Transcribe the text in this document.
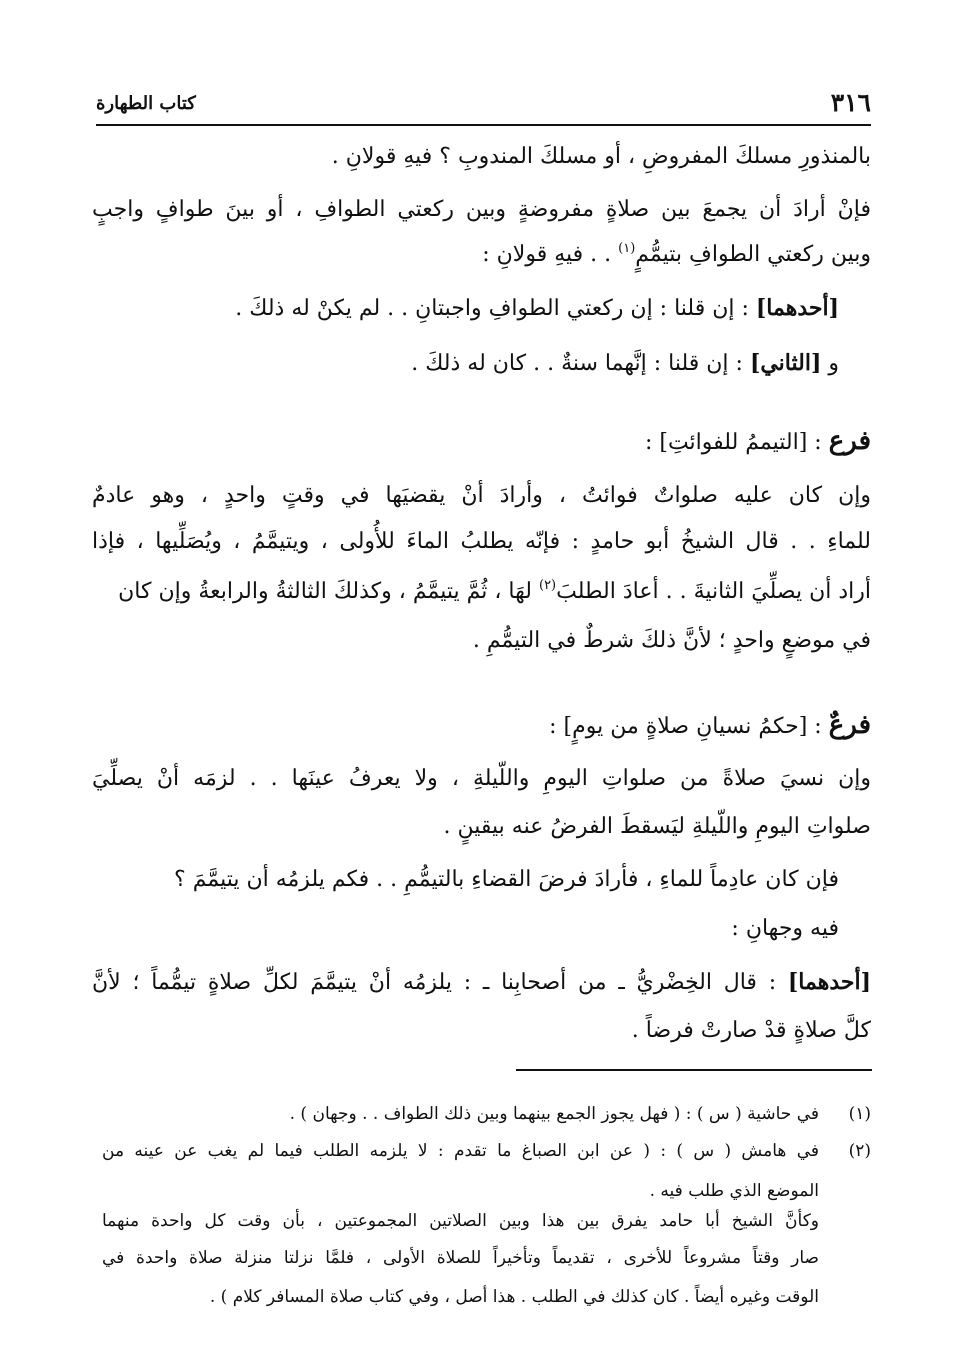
٣١٦
كتاب الطهارة
بالمنذورِ مسلكَ المفروضِ ، أو مسلكَ المندوبِ ؟ فيهِ قولانِ .
فإنْ أرادَ أن يجمعَ بين صلاةٍ مفروضةٍ وبين ركعتي الطوافِ ، أو بينَ طوافٍ واجبٍ
وبين ركعتي الطوافِ بتيمُّمٍ$^{(١)}$ . . فيهِ قولانِ :
[أحدهما] : إن قلنا : إن ركعتي الطوافِ واجبتانِ . . لم يكنْ له ذلكَ .
و [الثاني] : إن قلنا : إنَّهما سنةٌ . . كان له ذلكَ .
فرع : [التيممُ للفوائتِ] :
وإن كان عليه صلواتٌ فوائتُ ، وأرادَ أنْ يقضيَها في وقتٍ واحدٍ ، وهو عادمٌ
للماءِ . . قال الشيخُ أبو حامدٍ : فإنّه يطلبُ الماءَ للأُولى ، ويتيمَّمُ ، ويُصَلِّيها ، فإذا
أراد أن يصلِّيَ الثانيةَ . . أعادَ الطلبَ$^{(٢)}$ لهَا ، ثُمَّ يتيمَّمُ ، وكذلكَ الثالثةُ والرابعةُ وإن كان
في موضعٍ واحدٍ ؛ لأنَّ ذلكَ شرطٌ في التيمُّمِ .
فرعٌ : [حكمُ نسيانِ صلاةٍ من يومٍ] :
وإن نسيَ صلاةً من صلواتِ اليومِ واللّيلةِ ، ولا يعرفُ عينَها . . لزمَه أنْ يصلِّيَ
صلواتِ اليومِ واللّيلةِ ليَسقطَ الفرضُ عنه بيقينٍ .
فإن كان عادِماً للماءِ ، فأرادَ فرضَ القضاءِ بالتيمُّمِ . . فكم يلزمُه أن يتيمَّمَ ؟
فيه وجهانِ :
[أحدهما] : قال الخِضْريُّ ـ من أصحابِنا ـ : يلزمُه أنْ يتيمَّمَ لكلِّ صلاةٍ تيمُّماً ؛ لأنَّ
كلَّ صلاةٍ قدْ صارتْ فرضاً .
(١)
في حاشية ( س ) : ( فهل يجوز الجمع بينهما وبين ذلك الطواف . . وجهان ) .
(٢)
في هامش ( س ) : ( عن ابن الصباغ ما تقدم : لا يلزمه الطلب فيما لم يغب عن عينه من
الموضع الذي طلب فيه .
وكأنَّ الشيخ أبا حامد يفرق بين هذا وبين الصلاتين المجموعتين ، بأن وقت كل واحدة منهما
صار وقتاً مشروعاً للأخرى ، تقديماً وتأخيراً للصلاة الأولى ، فلمَّا نزلتا منزلة صلاة واحدة في
الوقت وغيره أيضاً . كان كذلك في الطلب . هذا أصل ، وفي كتاب صلاة المسافر كلام ) .
